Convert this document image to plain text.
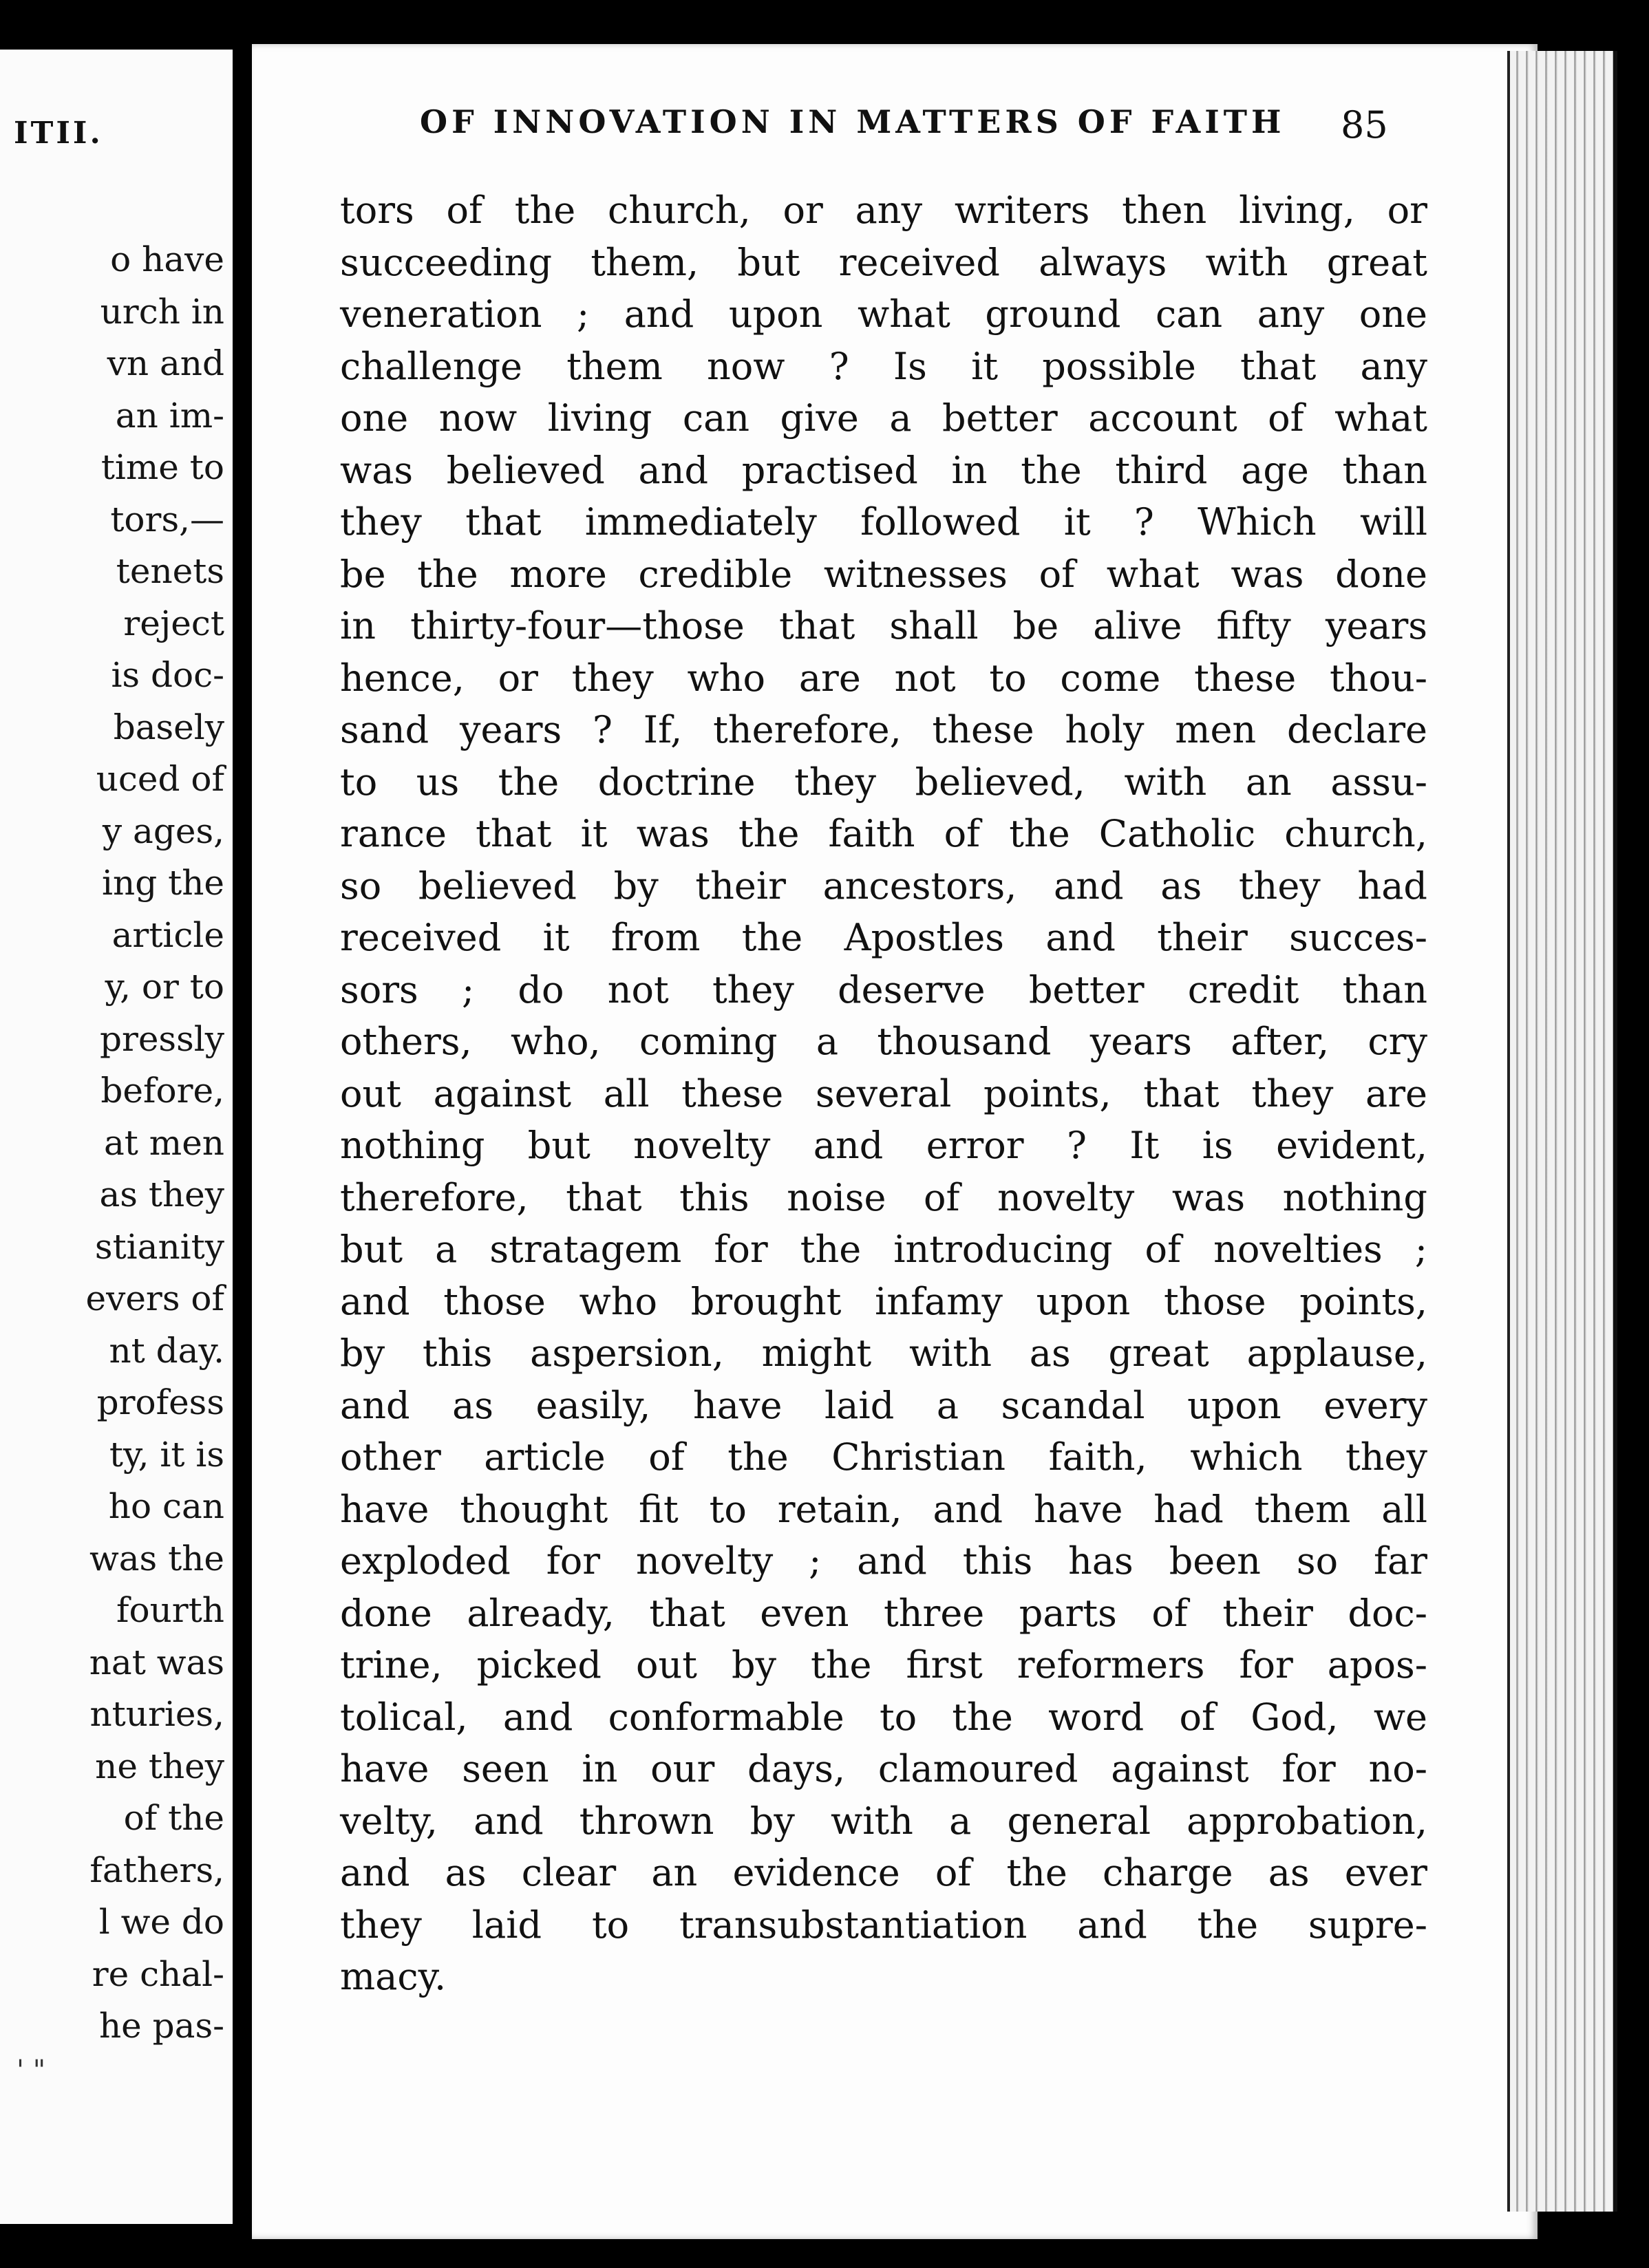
ITII.
o have
urch in
vn and
an im-
time to
tors,—
tenets
reject
is doc-
basely
uced of
y ages,
ing the
article
y, or to
pressly
before,
at men
as they
stianity
evers of
nt day.
profess
ty, it is
ho can
was the
fourth
nat was
nturies,
ne they
of the
fathers,
l we do
re chal-
he pas-
' "
OF INNOVATION IN MATTERS OF FAITH	85
tors of the church, or any writers then living, or
succeeding them, but received always with great
veneration ; and upon what ground can any one
challenge them now ? Is it possible that any
one now living can give a better account of what
was believed and practised in the third age than
they that immediately followed it ? Which will
be the more credible witnesses of what was done
in thirty-four—those that shall be alive fifty years
hence, or they who are not to come these thou-
sand years ? If, therefore, these holy men declare
to us the doctrine they believed, with an assu-
rance that it was the faith of the Catholic church,
so believed by their ancestors, and as they had
received it from the Apostles and their succes-
sors ; do not they deserve better credit than
others, who, coming a thousand years after, cry
out against all these several points, that they are
nothing but novelty and error ? It is evident,
therefore, that this noise of novelty was nothing
but a stratagem for the introducing of novelties ;
and those who brought infamy upon those points,
by this aspersion, might with as great applause,
and as easily, have laid a scandal upon every
other article of the Christian faith, which they
have thought fit to retain, and have had them all
exploded for novelty ; and this has been so far
done already, that even three parts of their doc-
trine, picked out by the first reformers for apos-
tolical, and conformable to the word of God, we
have seen in our days, clamoured against for no-
velty, and thrown by with a general approbation,
and as clear an evidence of the charge as ever
they laid to transubstantiation and the supre-
macy.
